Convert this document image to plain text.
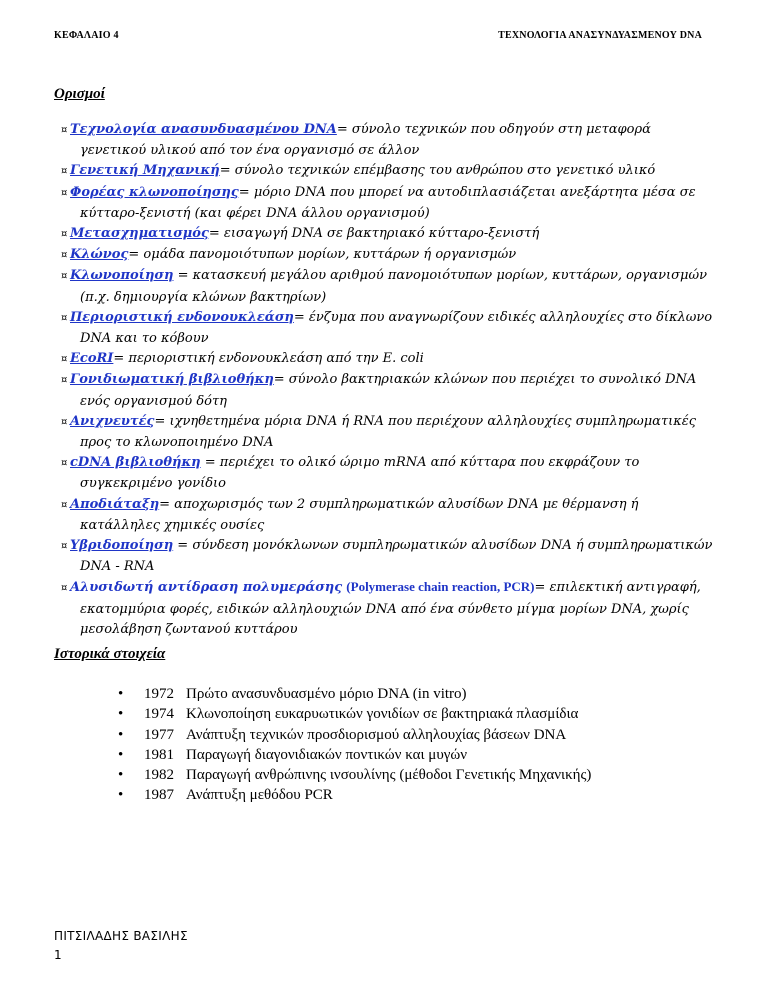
ΚΕΦΑΛΑΙΟ 4	ΤΕΧΝΟΛΟΓΙΑ ΑΝΑΣΥΝΔΥΑΣΜΕΝΟΥ DNA
Ορισμοί
¤ Τεχνολογία ανασυνδυασμένου DNA= σύνολο τεχνικών που οδηγούν στη μεταφορά γενετικού υλικού από τον ένα οργανισμό σε άλλον
¤ Γενετική Μηχανική= σύνολο τεχνικών επέμβασης του ανθρώπου στο γενετικό υλικό
¤ Φορέας κλωνοποίησης= μόριο DNA που μπορεί να αυτοδιπλασιάζεται ανεξάρτητα μέσα σε κύτταρο-ξενιστή (και φέρει DNA άλλου οργανισμού)
¤ Μετασχηματισμός= εισαγωγή DNA σε βακτηριακό κύτταρο-ξενιστή
¤ Κλώνος= ομάδα πανομοιότυπων μορίων, κυττάρων ή οργανισμών
¤ Κλωνοποίηση = κατασκευή μεγάλου αριθμού πανομοιότυπων μορίων, κυττάρων, οργανισμών (π.χ. δημιουργία κλώνων βακτηρίων)
¤ Περιοριστική ενδονουκλεάση= ένζυμα που αναγνωρίζουν ειδικές αλληλουχίες στο δίκλωνο DNA και το κόβουν
¤ EcoRI= περιοριστική ενδονουκλεάση από την E. coli
¤ Γονιδιωματική βιβλιοθήκη= σύνολο βακτηριακών κλώνων που περιέχει το συνολικό DNA ενός οργανισμού δότη
¤ Ανιχνευτές= ιχνηθετημένα μόρια DNA ή RNA που περιέχουν αλληλουχίες συμπληρωματικές προς το κλωνοποιημένο DNA
¤ cDNA βιβλιοθήκη = περιέχει το ολικό ώριμο mRNA από κύτταρα που εκφράζουν το συγκεκριμένο γονίδιο
¤ Αποδιάταξη= αποχωρισμός των 2 συμπληρωματικών αλυσίδων DNA με θέρμανση ή κατάλληλες χημικές ουσίες
¤ Υβριδοποίηση = σύνδεση μονόκλωνων συμπληρωματικών αλυσίδων DNA ή συμπληρωματικών DNA - RNA
¤ Αλυσιδωτή αντίδραση πολυμεράσης (Polymerase chain reaction, PCR)= επιλεκτική αντιγραφή, εκατομμύρια φορές, ειδικών αλληλουχιών DNA από ένα σύνθετο μίγμα μορίων DNA, χωρίς μεσολάβηση ζωντανού κυττάρου
Ιστορικά στοιχεία
• 1972 Πρώτο ανασυνδυασμένο μόριο DNA (in vitro)
• 1974 Κλωνοποίηση ευκαρυωτικών γονιδίων σε βακτηριακά πλασμίδια
• 1977 Ανάπτυξη τεχνικών προσδιορισμού αλληλουχίας βάσεων DNA
• 1981 Παραγωγή διαγονιδιακών ποντικών και μυγών
• 1982 Παραγωγή ανθρώπινης ινσουλίνης (μέθοδοι Γενετικής Μηχανικής)
• 1987 Ανάπτυξη μεθόδου PCR
ΠΙΤΣΙΛΑΔΗΣ ΒΑΣΙΛΗΣ
1
